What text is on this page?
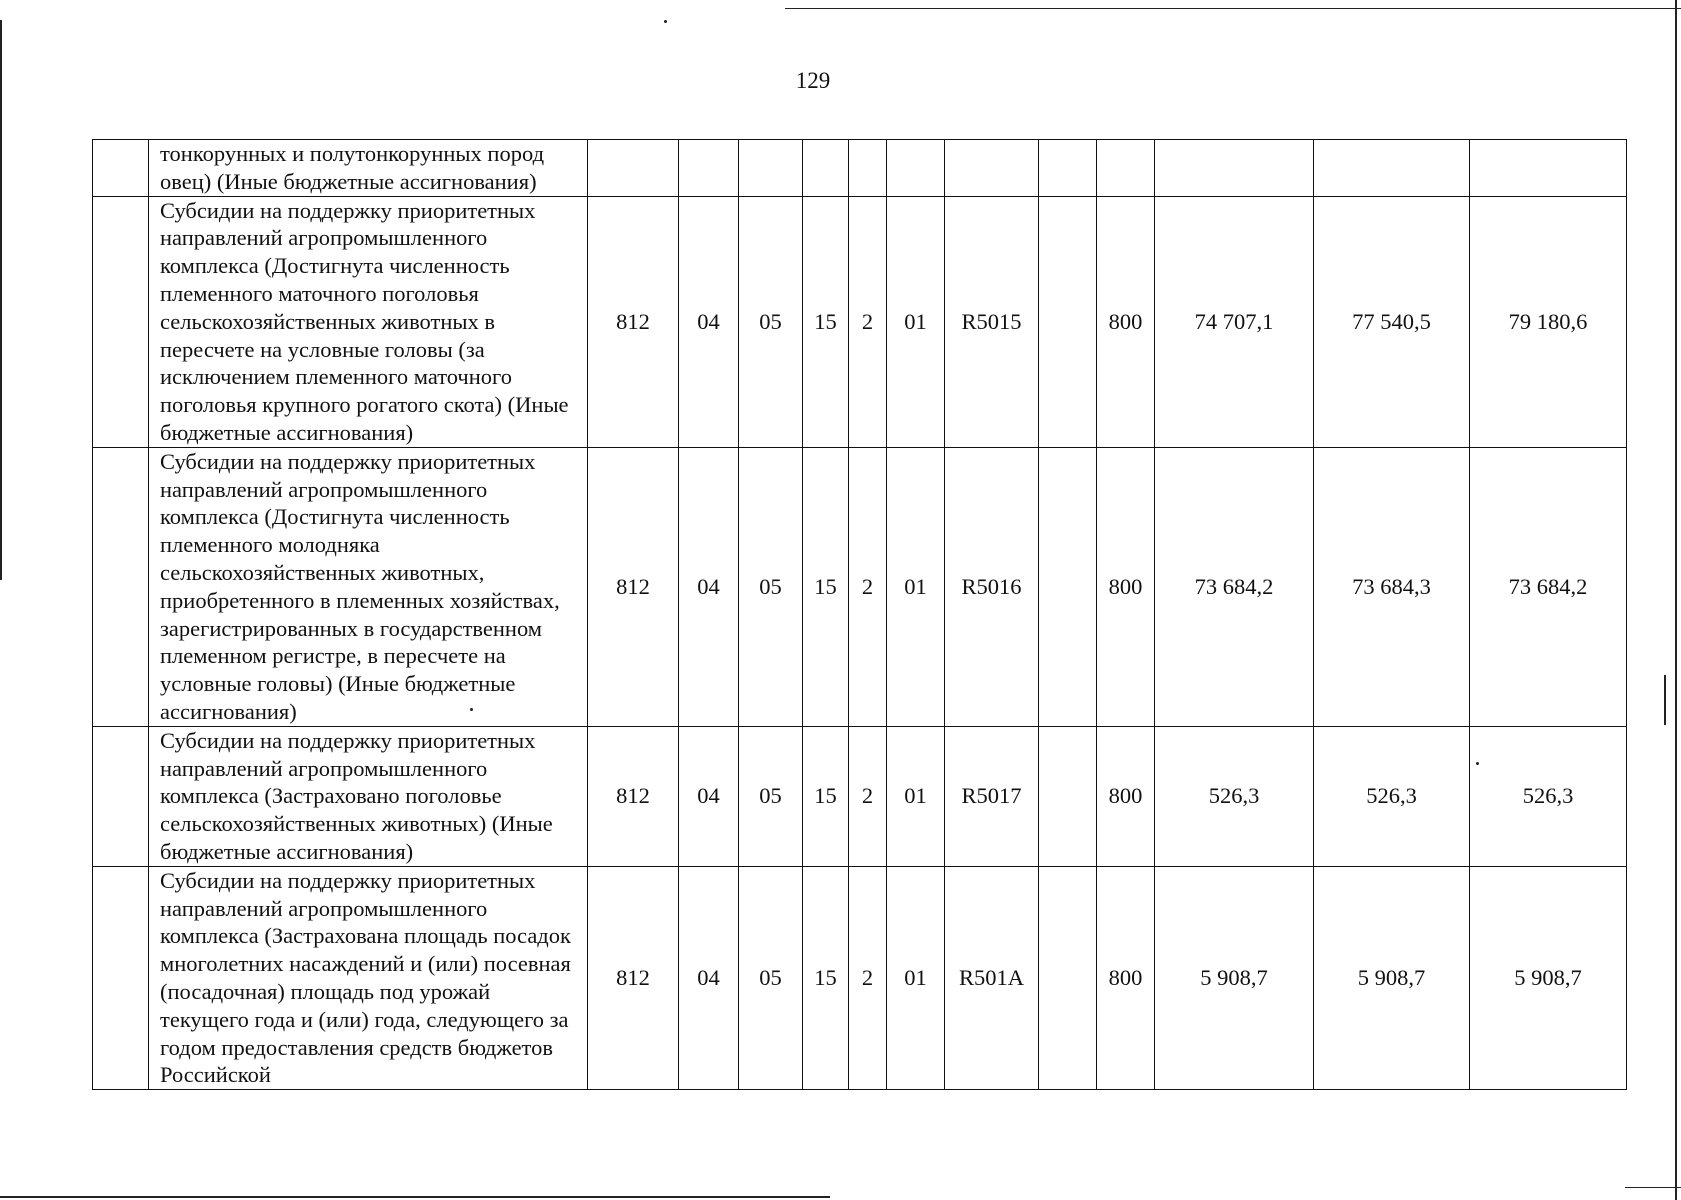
129
	тонкорунных и полутонкорунных пород овец) (Иные бюджетные ассигнования)												
	Субсидии на поддержку приоритетных направлений агропромышленного комплекса (Достигнута численность племенного маточного поголовья сельскохозяйственных животных в пересчете на условные головы (за исключением племенного маточного поголовья крупного рогатого скота) (Иные бюджетные ассигнования)	812	04	05	15	2	01	R5015		800	74 707,1	77 540,5	79 180,6
	Субсидии на поддержку приоритетных направлений агропромышленного комплекса (Достигнута численность племенного молодняка сельскохозяйственных животных, приобретенного в племенных хозяйствах, зарегистрированных в государственном племенном регистре, в пересчете на условные головы) (Иные бюджетные ассигнования)	812	04	05	15	2	01	R5016		800	73 684,2	73 684,3	73 684,2
	Субсидии на поддержку приоритетных направлений агропромышленного комплекса (Застраховано поголовье сельскохозяйственных животных) (Иные бюджетные ассигнования)	812	04	05	15	2	01	R5017		800	526,3	526,3	526,3
	Субсидии на поддержку приоритетных направлений агропромышленного комплекса (Застрахована площадь посадок многолетних насаждений и (или) посевная (посадочная) площадь под урожай текущего года и (или) года, следующего за годом предоставления средств бюджетов Российской	812	04	05	15	2	01	R501A		800	5 908,7	5 908,7	5 908,7
